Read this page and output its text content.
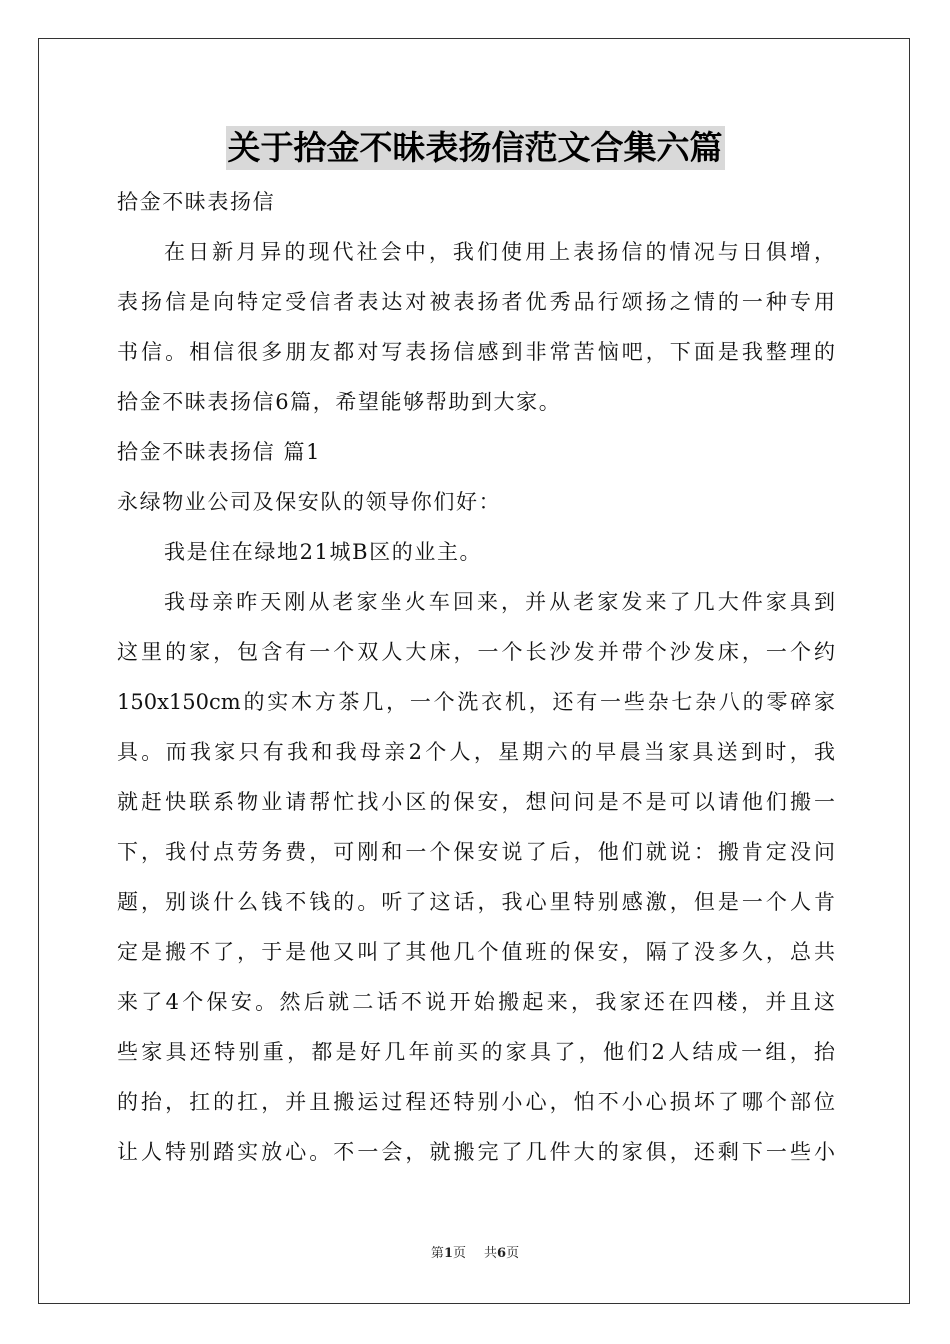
关于拾金不昧表扬信范文合集六篇
拾金不昧表扬信
在日新月异的现代社会中，我们使用上表扬信的情况与日俱增，
表扬信是向特定受信者表达对被表扬者优秀品行颂扬之情的一种专用
书信。相信很多朋友都对写表扬信感到非常苦恼吧，下面是我整理的
拾金不昧表扬信6篇，希望能够帮助到大家。
拾金不昧表扬信 篇1
永绿物业公司及保安队的领导你们好：
我是住在绿地21城B区的业主。
我母亲昨天刚从老家坐火车回来，并从老家发来了几大件家具到
这里的家，包含有一个双人大床，一个长沙发并带个沙发床，一个约
150x150cm的实木方茶几，一个洗衣机，还有一些杂七杂八的零碎家
具。而我家只有我和我母亲2个人，星期六的早晨当家具送到时，我
就赶快联系物业请帮忙找小区的保安，想问问是不是可以请他们搬一
下，我付点劳务费，可刚和一个保安说了后，他们就说：搬肯定没问
题，别谈什么钱不钱的。听了这话，我心里特别感激，但是一个人肯
定是搬不了，于是他又叫了其他几个值班的保安，隔了没多久，总共
来了4个保安。然后就二话不说开始搬起来，我家还在四楼，并且这
些家具还特别重，都是好几年前买的家具了，他们2人结成一组，抬
的抬，扛的扛，并且搬运过程还特别小心，怕不小心损坏了哪个部位
让人特别踏实放心。不一会，就搬完了几件大的家俱，还剩下一些小
第1页 共6页
